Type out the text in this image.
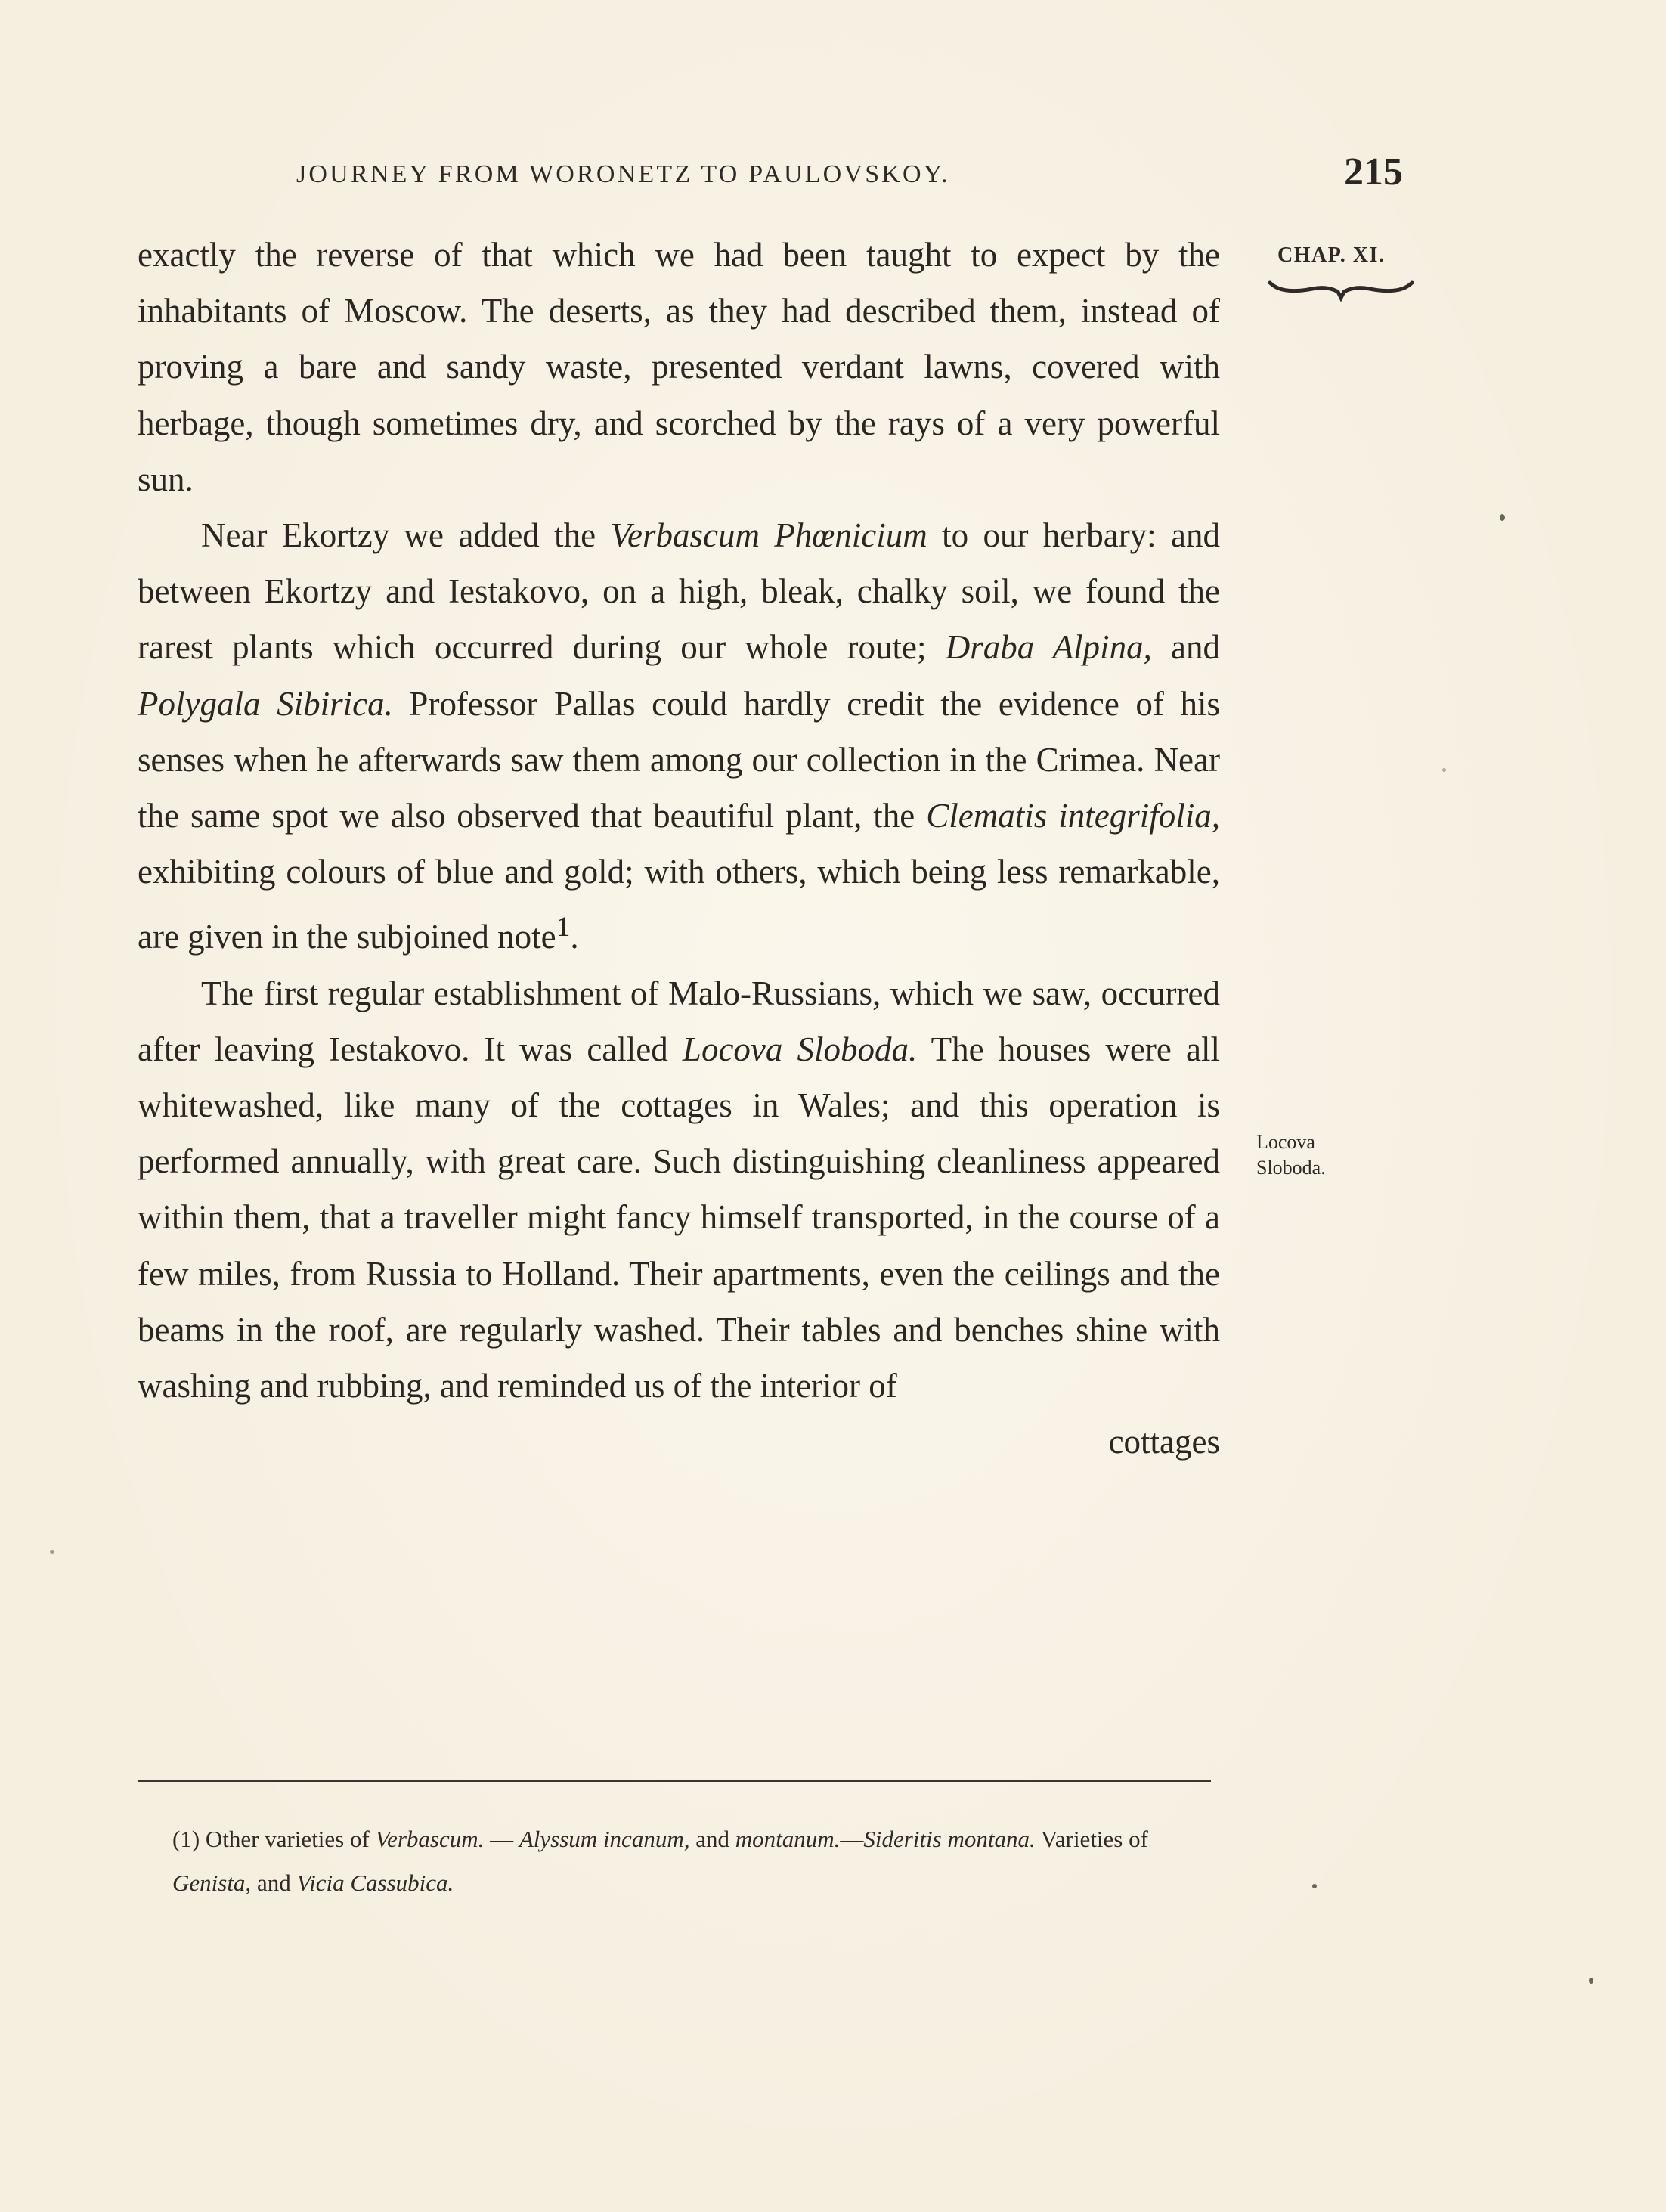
JOURNEY FROM WORONETZ TO PAULOVSKOY.	215
CHAP. XI.

exactly the reverse of that which we had been taught to expect by the inhabitants of Moscow. The deserts, as they had described them, instead of proving a bare and sandy waste, presented verdant lawns, covered with herbage, though sometimes dry, and scorched by the rays of a very powerful sun.

Near Ekortzy we added the Verbascum Phœnicium to our herbary: and between Ekortzy and Iestakovo, on a high, bleak, chalky soil, we found the rarest plants which occurred during our whole route; Draba Alpina, and Polygala Sibirica. Professor Pallas could hardly credit the evidence of his senses when he afterwards saw them among our collection in the Crimea. Near the same spot we also observed that beautiful plant, the Clematis integrifolia, exhibiting colours of blue and gold; with others, which being less remarkable, are given in the subjoined note$^1$.

The first regular establishment of Malo-Russians, which we saw, occurred after leaving Iestakovo. It was called Locova Sloboda. The houses were all whitewashed, like many of the cottages in Wales; and this operation is performed annually, with great care. Such distinguishing cleanliness appeared within them, that a traveller might fancy himself transported, in the course of a few miles, from Russia to Holland. Their apartments, even the ceilings and the beams in the roof, are regularly washed. Their tables and benches shine with washing and rubbing, and reminded us of the interior of

cottages

Locova
Sloboda.

(1) Other varieties of Verbascum. — Alyssum incanum, and montanum.—Sideritis montana. Varieties of Genista, and Vicia Cassubica.
